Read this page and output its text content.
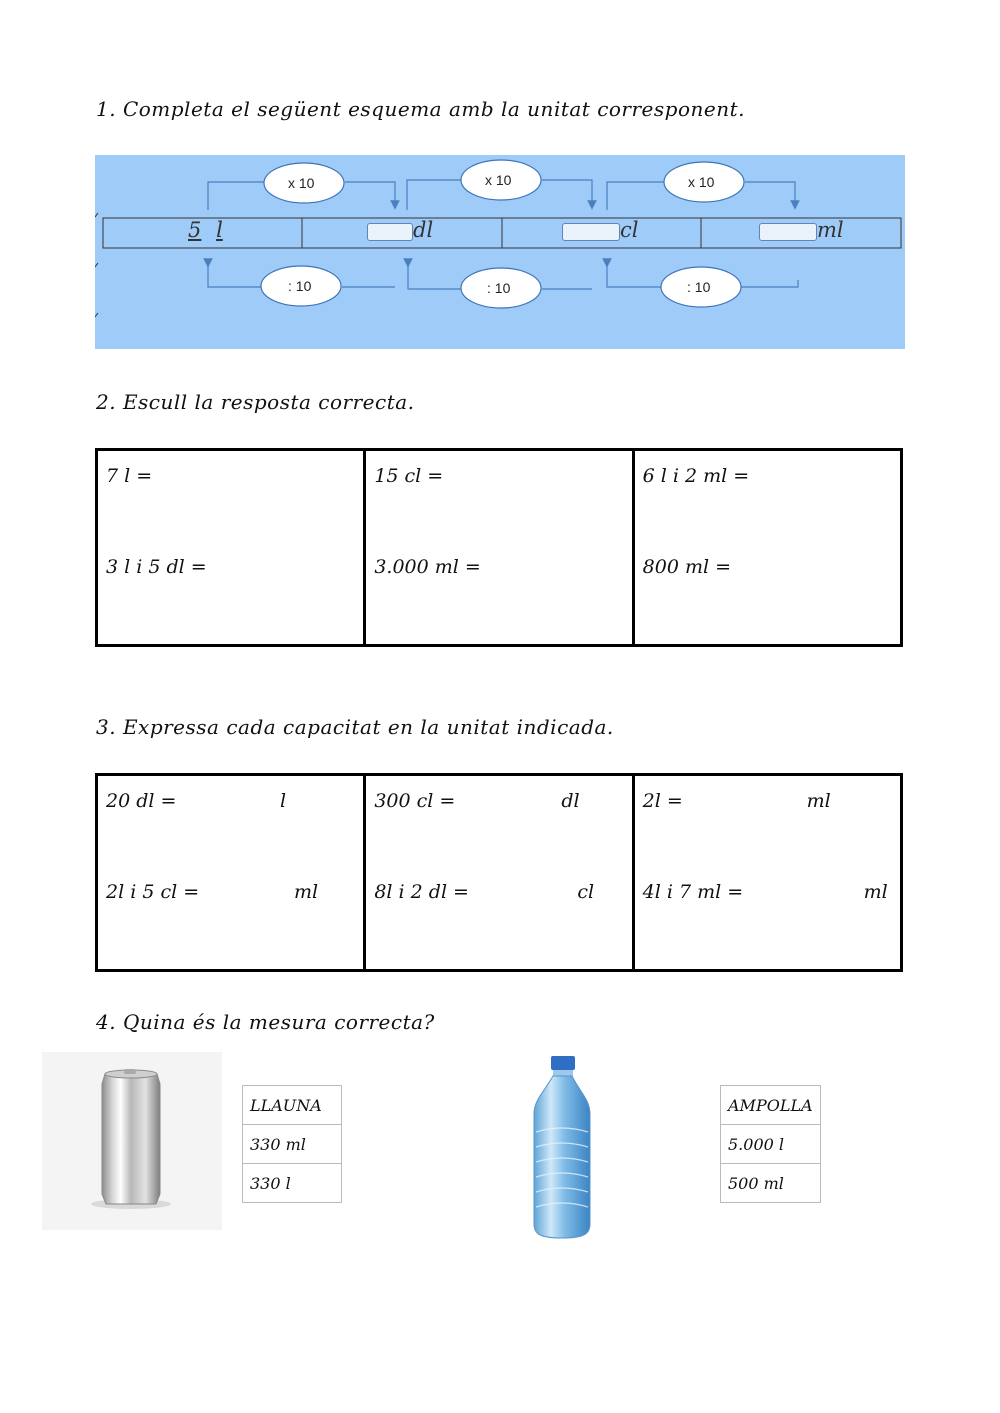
1. Completa el següent esquema amb la unitat corresponent.
x 10	x 10	x 10
: 10	: 10	: 10
5 l	dl	cl	ml
2. Escull la resposta correcta.
7 l =
3 l i 5 dl =
15 cl =
3.000 ml =
6 l i 2 ml =
800 ml =
3. Expressa cada capacitat en la unitat indicada.
20 dl =	l
2l i 5 cl =	ml
300 cl =	dl
8l i 2 dl =	cl
2l =	ml
4l i 7 ml =	ml
4. Quina és la mesura correcta?
LLAUNA
330 ml
330 l
AMPOLLA
5.000 l
500 ml
